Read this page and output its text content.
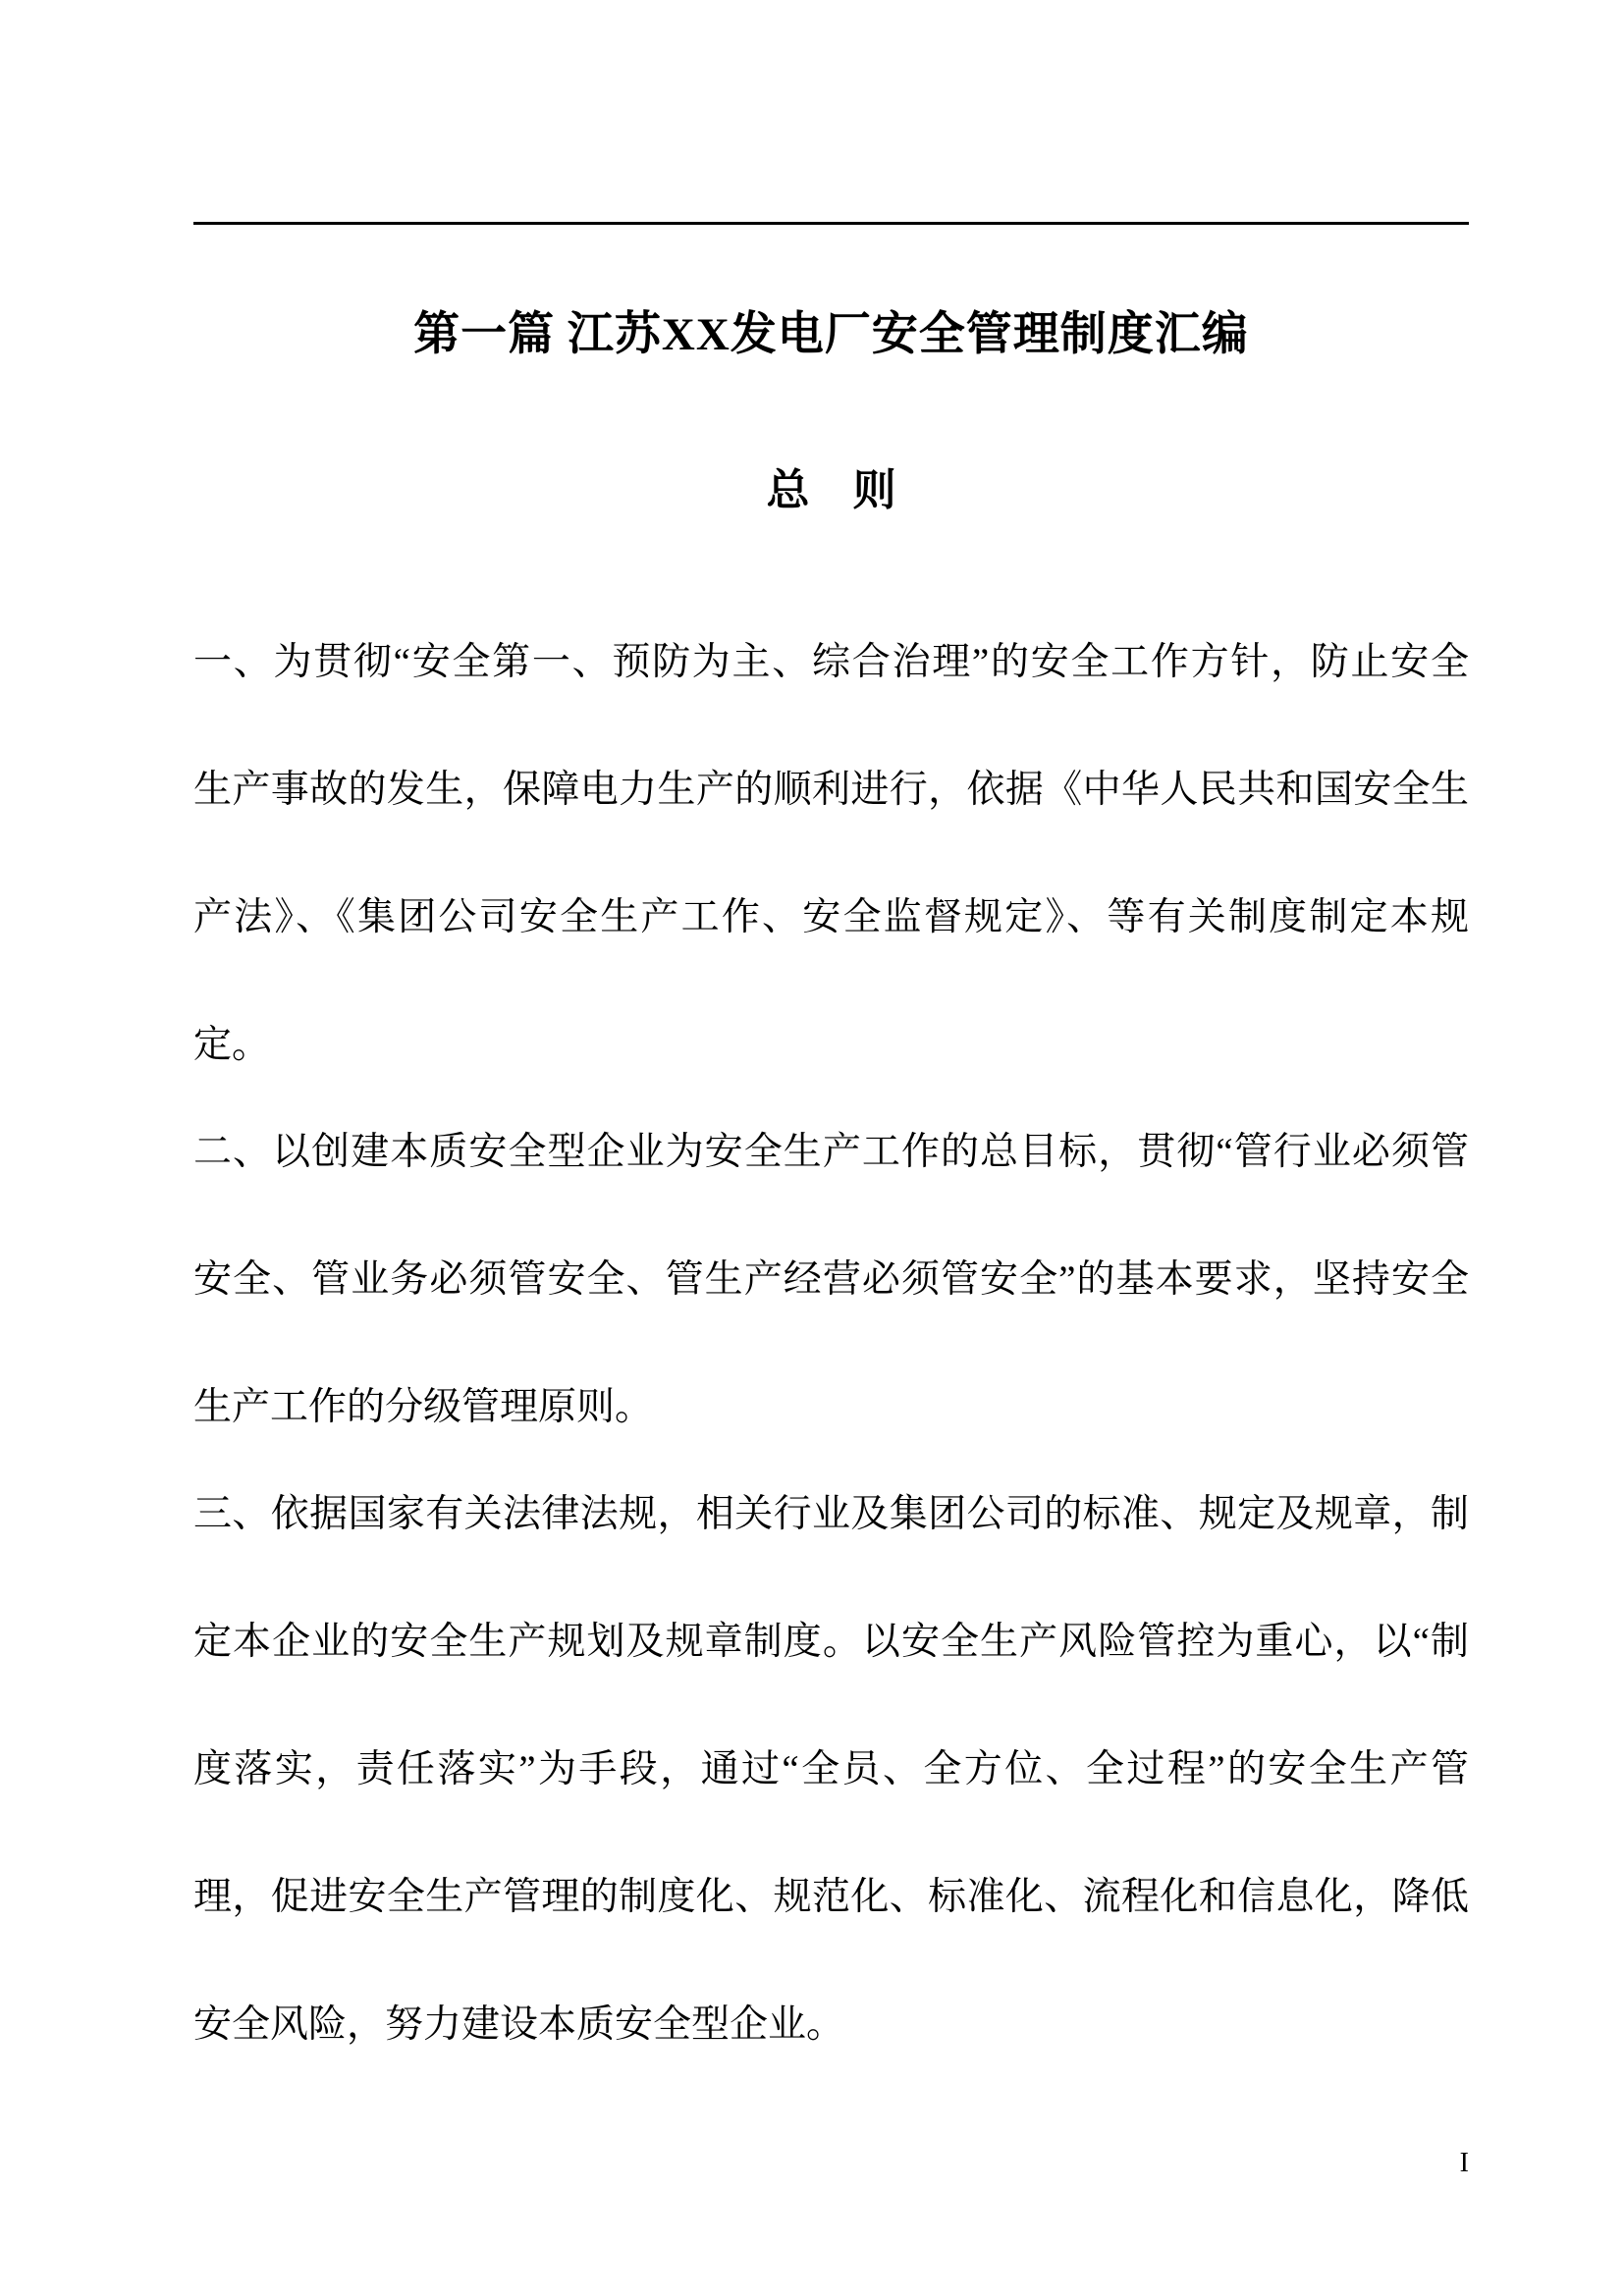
第一篇 江苏XX发电厂安全管理制度汇编
总　则
一、为贯彻“安全第一、预防为主、综合治理”的安全工作方针，防止安全
生产事故的发生，保障电力生产的顺利进行，依据《中华人民共和国安全生
产法》、《集团公司安全生产工作、安全监督规定》、等有关制度制定本规
定。
二、以创建本质安全型企业为安全生产工作的总目标，贯彻“管行业必须管
安全、管业务必须管安全、管生产经营必须管安全”的基本要求，坚持安全
生产工作的分级管理原则。
三、依据国家有关法律法规，相关行业及集团公司的标准、规定及规章，制
定本企业的安全生产规划及规章制度。以安全生产风险管控为重心，以“制
度落实，责任落实”为手段，通过“全员、全方位、全过程”的安全生产管
理，促进安全生产管理的制度化、规范化、标准化、流程化和信息化，降低
安全风险，努力建设本质安全型企业。
I
